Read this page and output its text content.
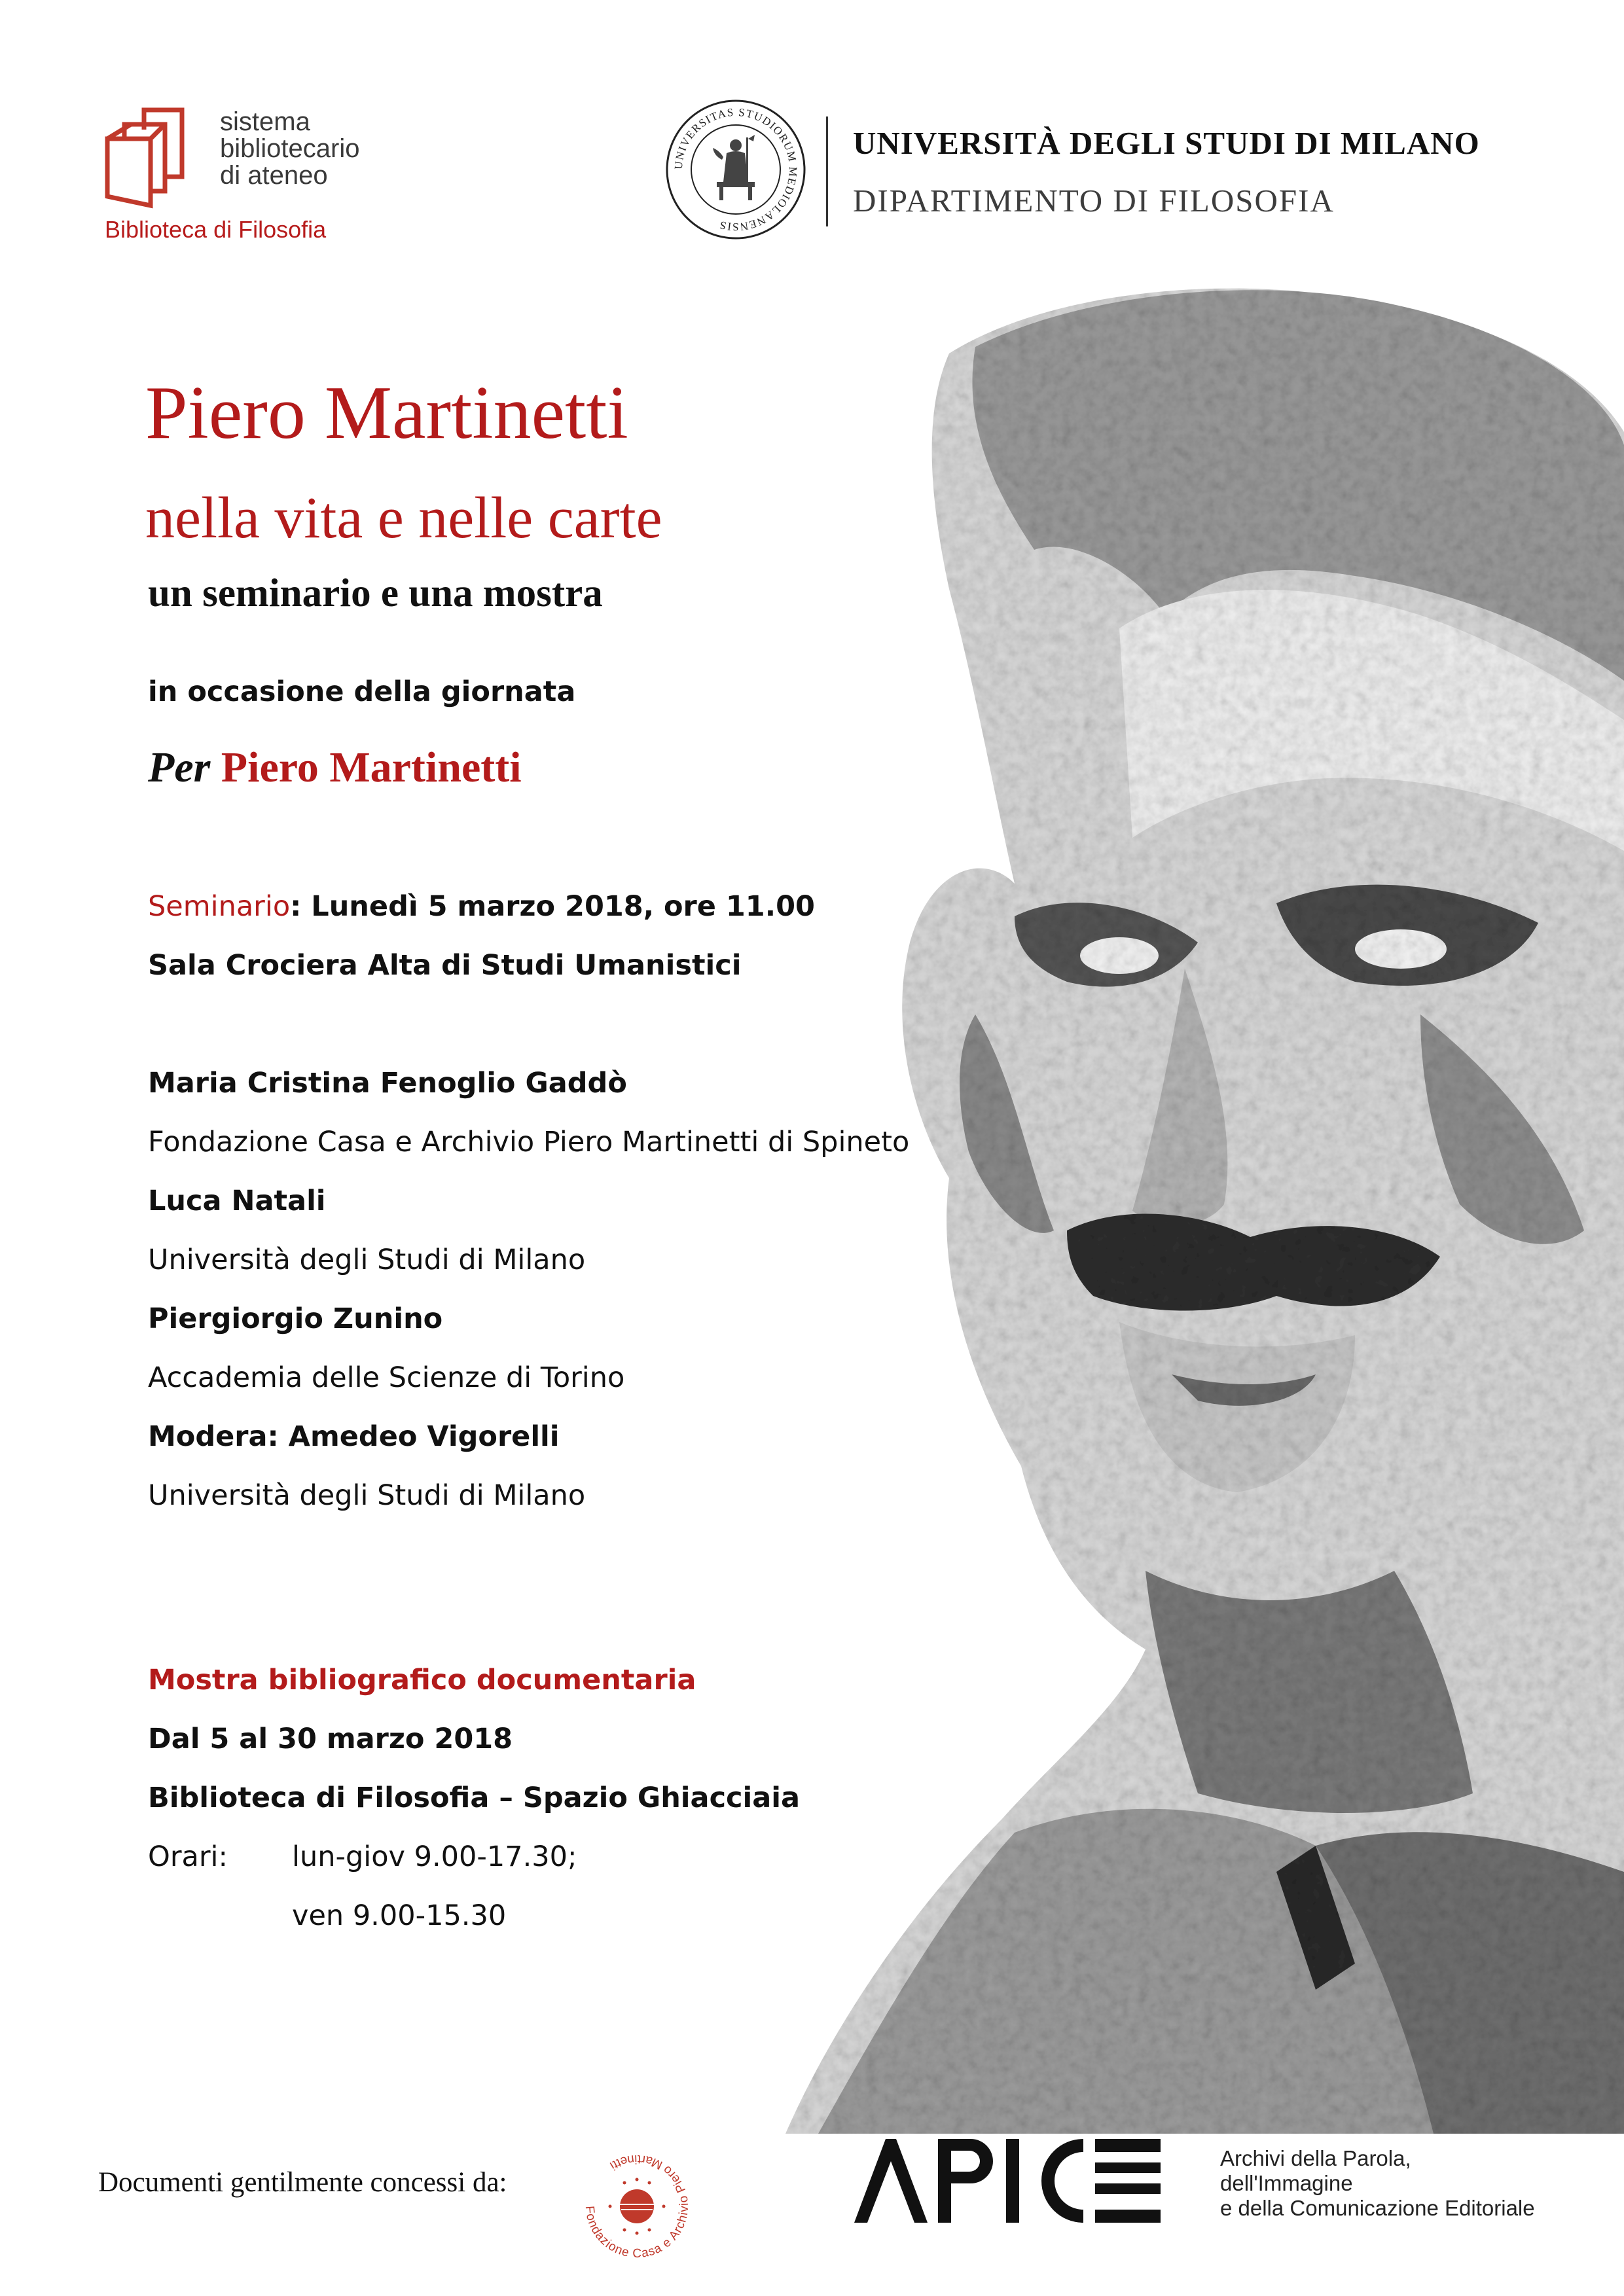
sistema
bibliotecario
di ateneo
Biblioteca di Filosofia
UNIVERSITAS STUDIORUM MEDIOLANENSIS
UNIVERSITÀ DEGLI STUDI DI MILANO
DIPARTIMENTO DI FILOSOFIA
Piero Martinetti
nella vita e nelle carte
un seminario e una mostra
in occasione della giornata
Per Piero Martinetti
Seminario: Lunedì 5 marzo 2018, ore 11.00
Sala Crociera Alta di Studi Umanistici
Maria Cristina Fenoglio Gaddò
Fondazione Casa e Archivio Piero Martinetti di Spineto
Luca Natali
Università degli Studi di Milano
Piergiorgio Zunino
Accademia delle Scienze di Torino
Modera: Amedeo Vigorelli
Università degli Studi di Milano
Mostra bibliografico documentaria
Dal 5 al 30 marzo 2018
Biblioteca di Filosofia – Spazio Ghiacciaia
Orari: lun-giov 9.00-17.30;
ven 9.00-15.30
Documenti gentilmente concessi da:
Fondazione Casa e Archivio Piero Martinetti	Archivi della Parola,
dell'Immagine
e della Comunicazione Editoriale
